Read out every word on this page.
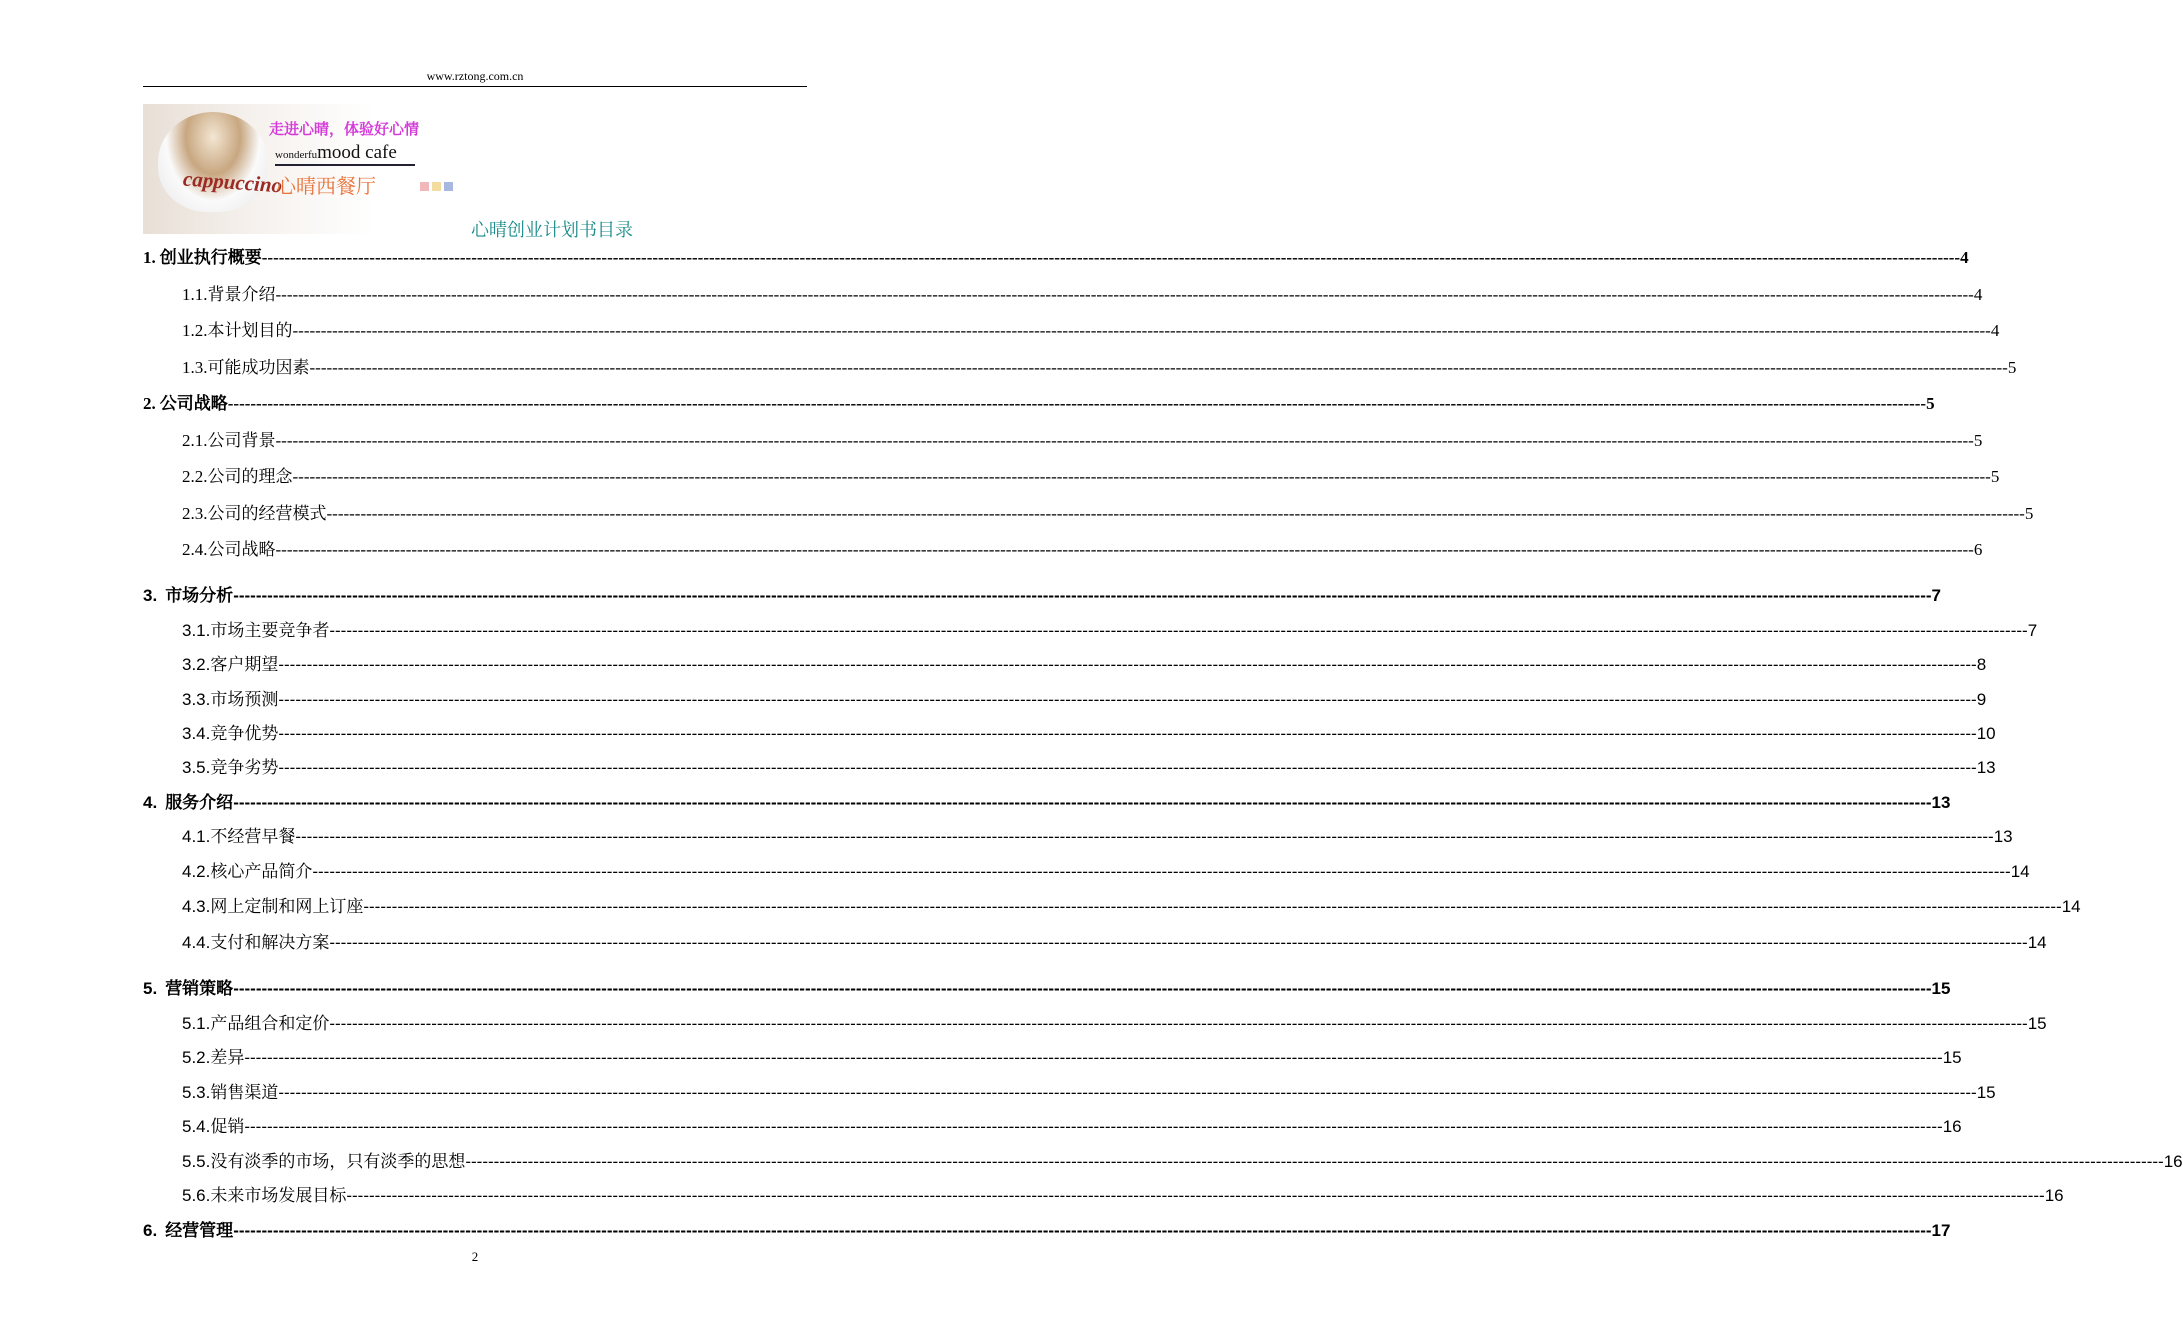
www.rztong.com.cn
cappuccino
走进心晴，体验好心情
wonderfumood cafe
心晴西餐厅
心晴创业计划书目录
1. 创业执行概要 ------------------------------------------------------------------------------------------------------------------------------------------------------------------------------------------------------------------------------------------------------------------------------------------------------------ 4
1.1. 背景介绍 ------------------------------------------------------------------------------------------------------------------------------------------------------------------------------------------------------------------------------------------------------------------------------------------------------------ 4
1.2. 本计划目的 ------------------------------------------------------------------------------------------------------------------------------------------------------------------------------------------------------------------------------------------------------------------------------------------------------------ 4
1.3. 可能成功因素 ------------------------------------------------------------------------------------------------------------------------------------------------------------------------------------------------------------------------------------------------------------------------------------------------------------ 5
2. 公司战略 ------------------------------------------------------------------------------------------------------------------------------------------------------------------------------------------------------------------------------------------------------------------------------------------------------------ 5
2.1. 公司背景 ------------------------------------------------------------------------------------------------------------------------------------------------------------------------------------------------------------------------------------------------------------------------------------------------------------ 5
2.2. 公司的理念 ------------------------------------------------------------------------------------------------------------------------------------------------------------------------------------------------------------------------------------------------------------------------------------------------------------ 5
2.3. 公司的经营模式 ------------------------------------------------------------------------------------------------------------------------------------------------------------------------------------------------------------------------------------------------------------------------------------------------------------ 5
2.4. 公司战略 ------------------------------------------------------------------------------------------------------------------------------------------------------------------------------------------------------------------------------------------------------------------------------------------------------------ 6
3. 市场分析 ------------------------------------------------------------------------------------------------------------------------------------------------------------------------------------------------------------------------------------------------------------------------------------------------------------ 7
3.1. 市场主要竞争者 ------------------------------------------------------------------------------------------------------------------------------------------------------------------------------------------------------------------------------------------------------------------------------------------------------------ 7
3.2. 客户期望 ------------------------------------------------------------------------------------------------------------------------------------------------------------------------------------------------------------------------------------------------------------------------------------------------------------ 8
3.3. 市场预测 ------------------------------------------------------------------------------------------------------------------------------------------------------------------------------------------------------------------------------------------------------------------------------------------------------------ 9
3.4. 竞争优势 ------------------------------------------------------------------------------------------------------------------------------------------------------------------------------------------------------------------------------------------------------------------------------------------------------------ 10
3.5. 竞争劣势 ------------------------------------------------------------------------------------------------------------------------------------------------------------------------------------------------------------------------------------------------------------------------------------------------------------ 13
4. 服务介绍 ------------------------------------------------------------------------------------------------------------------------------------------------------------------------------------------------------------------------------------------------------------------------------------------------------------ 13
4.1. 不经营早餐 ------------------------------------------------------------------------------------------------------------------------------------------------------------------------------------------------------------------------------------------------------------------------------------------------------------ 13
4.2. 核心产品简介 ------------------------------------------------------------------------------------------------------------------------------------------------------------------------------------------------------------------------------------------------------------------------------------------------------------ 14
4.3. 网上定制和网上订座 ------------------------------------------------------------------------------------------------------------------------------------------------------------------------------------------------------------------------------------------------------------------------------------------------------------ 14
4.4. 支付和解决方案 ------------------------------------------------------------------------------------------------------------------------------------------------------------------------------------------------------------------------------------------------------------------------------------------------------------ 14
5. 营销策略 ------------------------------------------------------------------------------------------------------------------------------------------------------------------------------------------------------------------------------------------------------------------------------------------------------------ 15
5.1. 产品组合和定价 ------------------------------------------------------------------------------------------------------------------------------------------------------------------------------------------------------------------------------------------------------------------------------------------------------------ 15
5.2. 差异 ------------------------------------------------------------------------------------------------------------------------------------------------------------------------------------------------------------------------------------------------------------------------------------------------------------ 15
5.3. 销售渠道 ------------------------------------------------------------------------------------------------------------------------------------------------------------------------------------------------------------------------------------------------------------------------------------------------------------ 15
5.4. 促销 ------------------------------------------------------------------------------------------------------------------------------------------------------------------------------------------------------------------------------------------------------------------------------------------------------------ 16
5.5. 没有淡季的市场，只有淡季的思想 ------------------------------------------------------------------------------------------------------------------------------------------------------------------------------------------------------------------------------------------------------------------------------------------------------------ 16
5.6. 未来市场发展目标 ------------------------------------------------------------------------------------------------------------------------------------------------------------------------------------------------------------------------------------------------------------------------------------------------------------ 16
6. 经营管理 ------------------------------------------------------------------------------------------------------------------------------------------------------------------------------------------------------------------------------------------------------------------------------------------------------------ 17
2
